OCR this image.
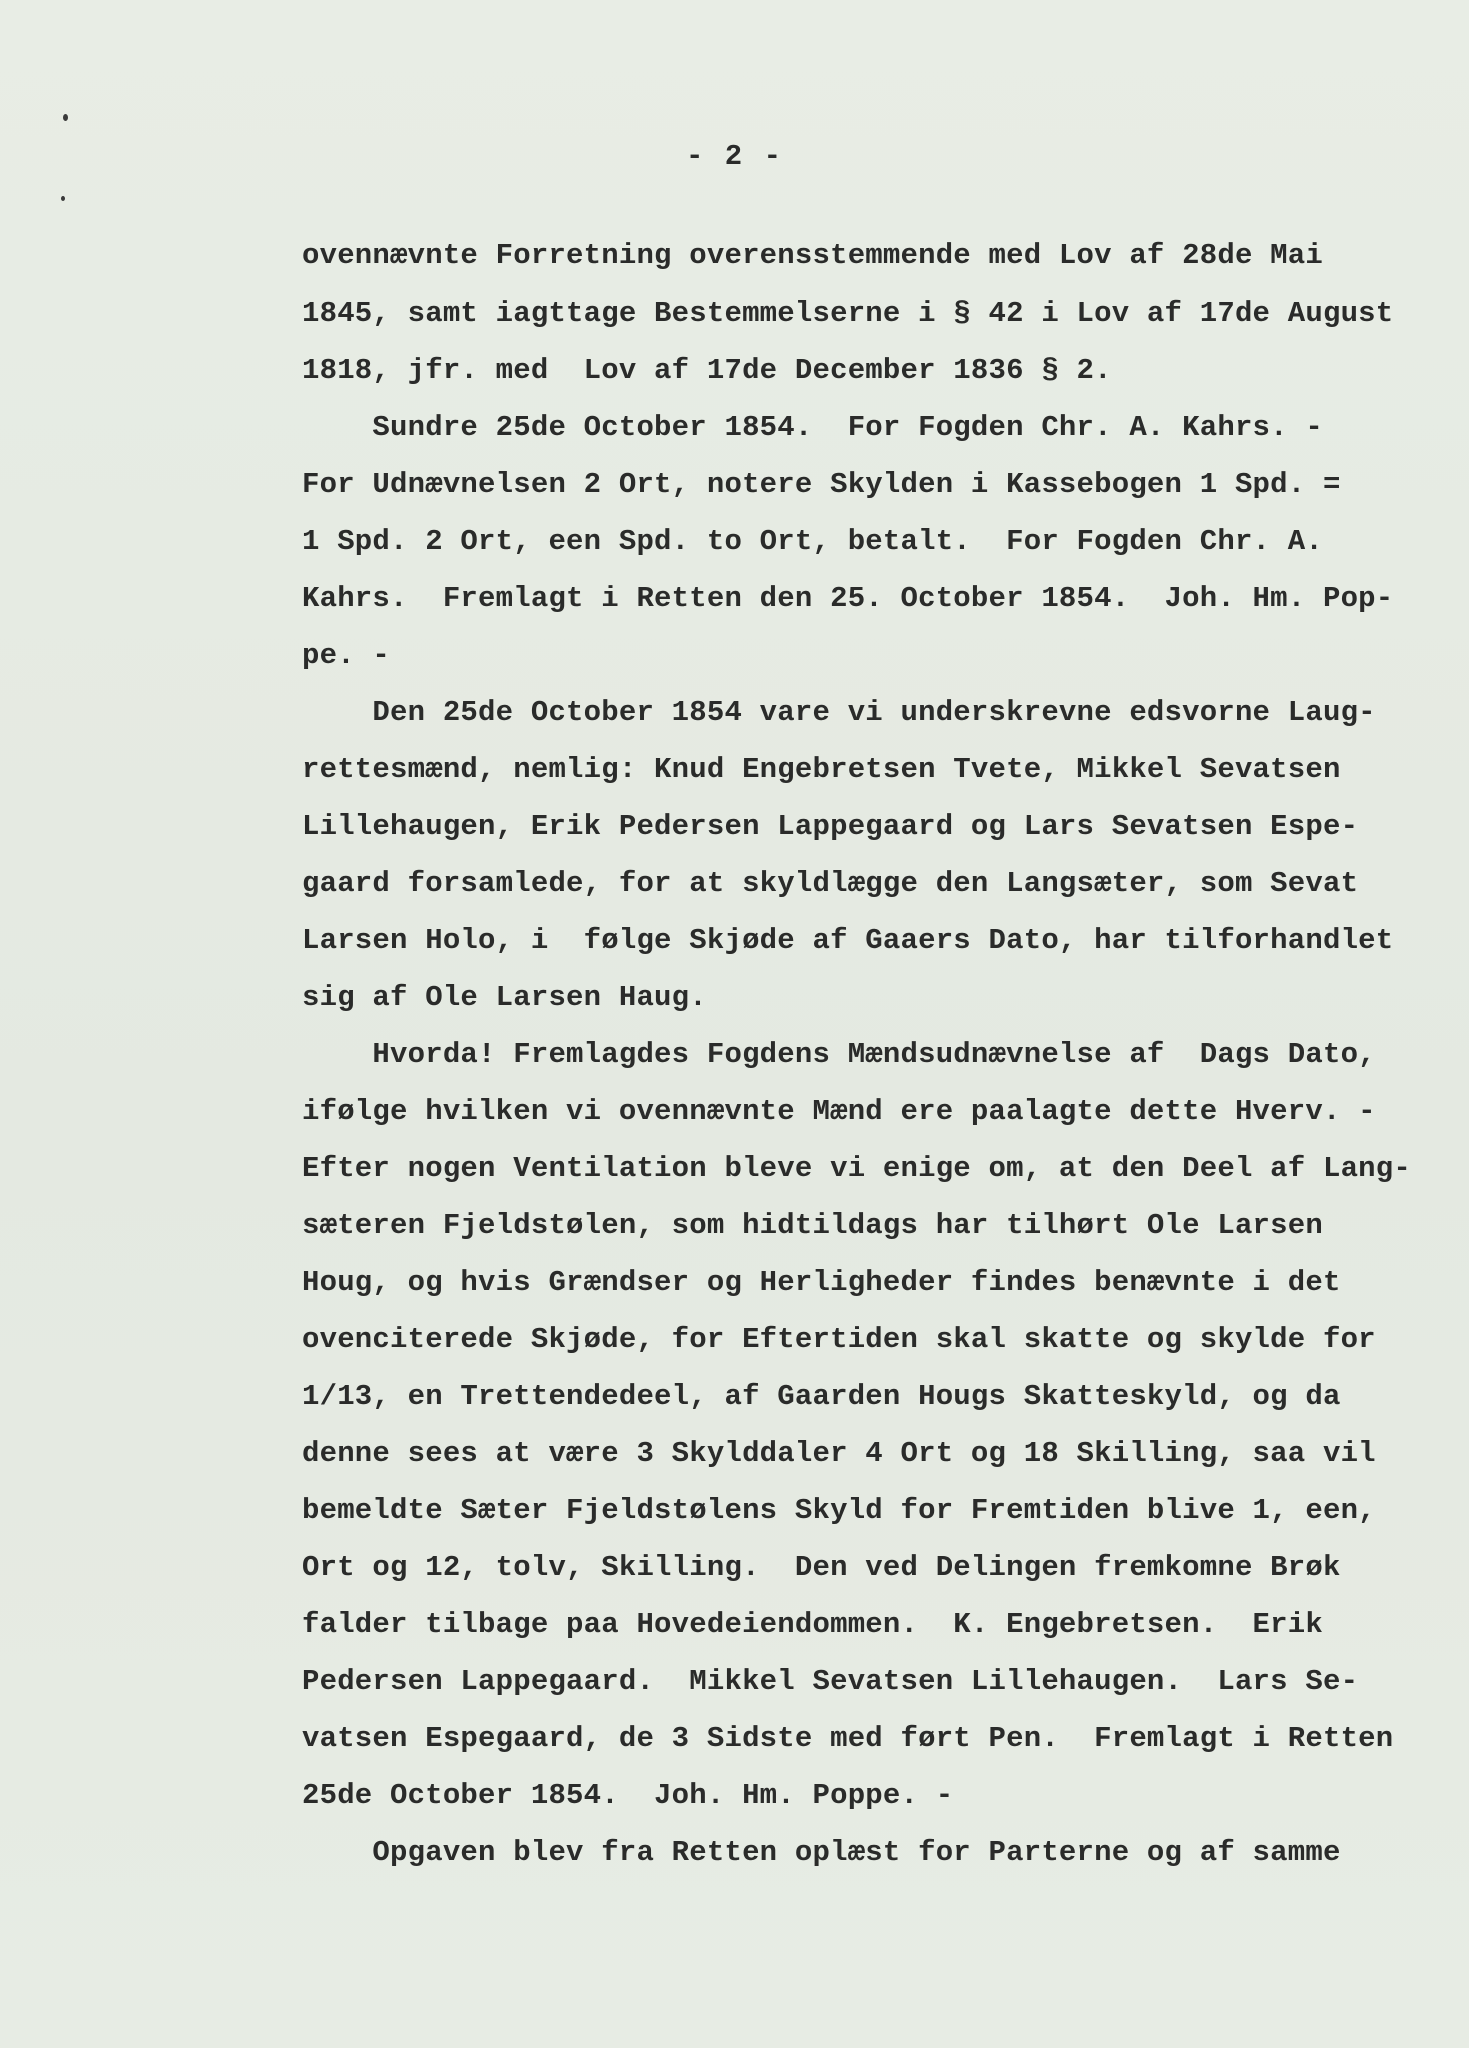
- 2 -
ovennævnte Forretning overensstemmende med Lov af 28de Mai
1845, samt iagttage Bestemmelserne i § 42 i Lov af 17de August
1818, jfr. med  Lov af 17de December 1836 § 2.
Sundre 25de October 1854.  For Fogden Chr. A. Kahrs. -
For Udnævnelsen 2 Ort, notere Skylden i Kassebogen 1 Spd. =
1 Spd. 2 Ort, een Spd. to Ort, betalt.  For Fogden Chr. A.
Kahrs.  Fremlagt i Retten den 25. October 1854.  Joh. Hm. Pop-
pe. -
Den 25de October 1854 vare vi underskrevne edsvorne Laug-
rettesmænd, nemlig: Knud Engebretsen Tvete, Mikkel Sevatsen
Lillehaugen, Erik Pedersen Lappegaard og Lars Sevatsen Espe-
gaard forsamlede, for at skyldlægge den Langsæter, som Sevat
Larsen Holo, i  følge Skjøde af Gaaers Dato, har tilforhandlet
sig af Ole Larsen Haug.
Hvorda! Fremlagdes Fogdens Mændsudnævnelse af  Dags Dato,
ifølge hvilken vi ovennævnte Mænd ere paalagte dette Hverv. -
Efter nogen Ventilation bleve vi enige om, at den Deel af Lang-
sæteren Fjeldstølen, som hidtildags har tilhørt Ole Larsen
Houg, og hvis Grændser og Herligheder findes benævnte i det
ovenciterede Skjøde, for Eftertiden skal skatte og skylde for
1/13, en Trettendedeel, af Gaarden Hougs Skatteskyld, og da
denne sees at være 3 Skylddaler 4 Ort og 18 Skilling, saa vil
bemeldte Sæter Fjeldstølens Skyld for Fremtiden blive 1, een,
Ort og 12, tolv, Skilling.  Den ved Delingen fremkomne Brøk
falder tilbage paa Hovedeiendommen.  K. Engebretsen.  Erik
Pedersen Lappegaard.  Mikkel Sevatsen Lillehaugen.  Lars Se-
vatsen Espegaard, de 3 Sidste med ført Pen.  Fremlagt i Retten
25de October 1854.  Joh. Hm. Poppe. -
Opgaven blev fra Retten oplæst for Parterne og af samme
